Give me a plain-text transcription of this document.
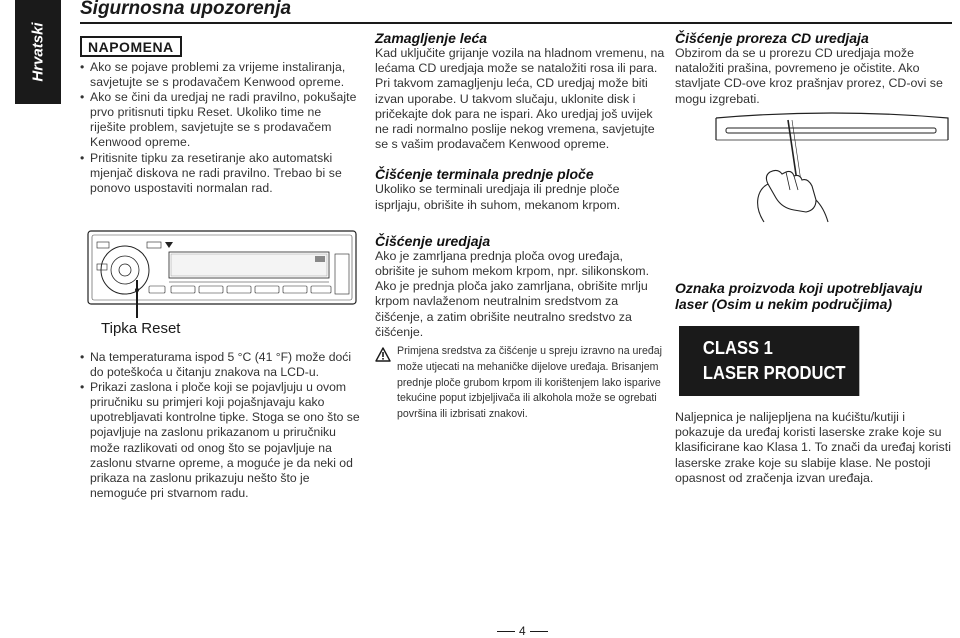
Hrvatski
Sigurnosna upozorenja
NAPOMENA
• Ako se pojave problemi za vrijeme instaliranja, savjetujte se s prodavačem Kenwood opreme.
• Ako se čini da uredjaj ne radi pravilno, pokušajte prvo pritisnuti tipku Reset. Ukoliko time ne riješite problem, savjetujte se s prodavačem Kenwood opreme.
• Pritisnite tipku za resetiranje ako automatski mjenjač diskova ne radi pravilno. Trebao bi se ponovo uspostaviti normalan rad.
Tipka Reset
• Na temperaturama ispod 5 °C (41 °F) može doći do poteškoća u čitanju znakova na LCD-u.
• Prikazi zaslona i ploče koji se pojavljuju u ovom priručniku su primjeri koji pojašnjavaju kako upotrebljavati kontrolne tipke. Stoga se ono što se pojavljuje na zaslonu prikazanom u priručniku može razlikovati od onog što se pojavljuje na zaslonu stvarne opreme, a moguće je da neki od prikaza na zaslonu prikazuju nešto što je nemoguće pri stvarnom radu.
Zamagljenje leća

Kad uključite grijanje vozila na hladnom vremenu, na lećama CD uredjaja može se nataložiti rosa ili para. Pri takvom zamagljenju leća, CD uredjaj može biti izvan uporabe. U takvom slučaju, uklonite disk i pričekajte dok para ne ispari. Ako uredjaj još uvijek ne radi normalno poslije nekog vremena, savjetujte se s vašim prodavačem Kenwood opreme.

Čišćenje terminala prednje ploče

Ukoliko se terminali uredjaja ili prednje ploče isprljaju, obrišite ih suhom, mekanom krpom.

Čišćenje uredjaja

Ako je zamrljana prednja ploča ovog uređaja, obrišite je suhom mekom krpom, npr. silikonskom. Ako je prednja ploča jako zamrljana, obrišite mrlju krpom navlaženom neutralnim sredstvom za čišćenje, a zatim obrišite neutralno sredstvo za čišćenje.

Primjena sredstva za čišćenje u spreju izravno na uređaj može utjecati na mehaničke dijelove uređaja. Brisanjem prednje ploče grubom krpom ili korištenjem lako isparive tekućine poput izbjeljivača ili alkohola može se ogrebati površina ili izbrisati znakovi.

Čišćenje proreza CD uredjaja

Obzirom da se u prorezu CD uredjaja može nataložiti prašina, povremeno je očistite. Ako stavljate CD-ove kroz prašnjav prorez, CD-ovi se mogu izgrebati.

Oznaka proizvoda koji upotrebljavaju laser (Osim u nekim područjima)
CLASS 1
LASER PRODUCT

Naljepnica je nalijepljena na kućištu/kutiji i pokazuje da uređaj koristi laserske zrake koje su klasificirane kao Klasa 1. To znači da uređaj koristi laserske zrake koje su slabije klase. Ne postoji opasnost od zračenja izvan uređaja.

4
